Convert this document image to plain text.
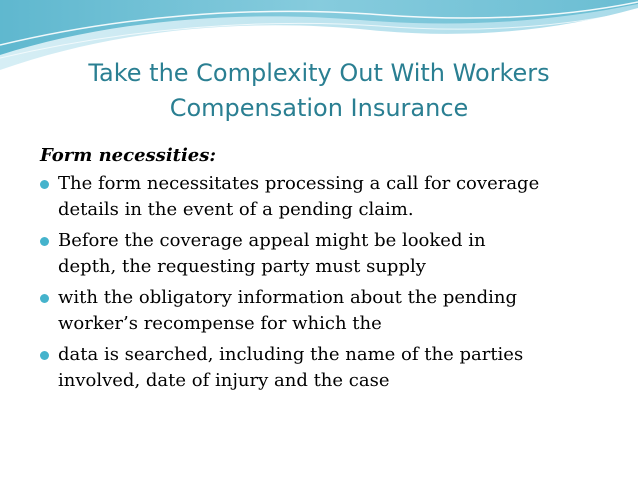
Take the Complexity Out With Workers
Compensation Insurance
Form necessities:
The form necessitates processing a call for coverage
details in the event of a pending claim.
Before the coverage appeal might be looked in
depth, the requesting party must supply
with the obligatory information about the pending
worker’s recompense for which the
data is searched, including the name of the parties
involved, date of injury and the case
